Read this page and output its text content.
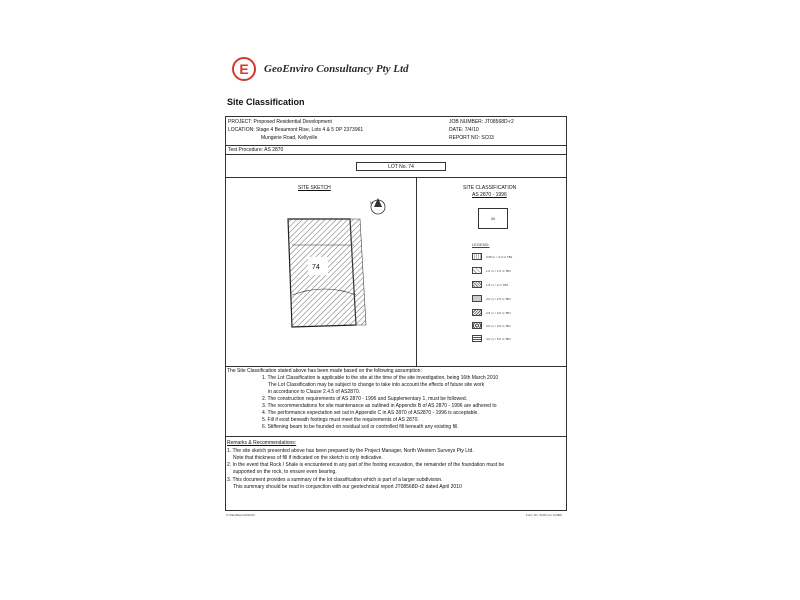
E	GeoEnviro Consultancy Pty Ltd
Site Classification
PROJECT: Proposed Residential Development
LOCATION: Stage 4 Beaumont Rise, Lots 4 & 5 DP 2373961
Mungerie Road, Kellyville
JOB NUMBER: JT08568D-r2
DATE: 7/4/10
REPORT NO: SC03
Test Procedure: AS 2870
LOT No. 74
SITE SKETCH
74
N
SITE CLASSIFICATION
AS 2870 - 1996
M
LEGEND:
0.05 m < 0.2 m TBJ
1.0 m < 1.5 m TBJ
1.5 m < 2 m TBJ
2.0 m < 2.5 m TBJ
2.5 m < 3.0 m TBJ
3.0 m < 3.5 m TBJ
4.0 m < 5.0 m TBJ
The Site Classification stated above has been made based on the following assumption:
1. The Lot Classification is applicable to the site at the time of the site investigation, being 16th March 2010
The Lot Classification may be subject to change to take into account the effects of future site work
in accordance to Clause 2.4.5 of AS2870.
2. The construction requirements of AS 2870 - 1996 and Supplementary 1, must be followed.
3. The recommendations for site maintenance as outlined in Appendix B of AS 2870 - 1996 are adhered to
4. The performance expectation set out in Appendix C in AS 2870 of AS2870 - 1996 is acceptable.
5. Fill if exist beneath footings must meet the requirements of AS 2870.
6. Stiffening beam to be founded on residual soil or controlled fill beneath any existing fill.
Remarks & Recommendations:
1. The site sketch presented above has been prepared by the Project Manager, North Western Surveys Pty Ltd.
Note that thickness of fill if indicated on the sketch is only indicative.
2. In the event that Rock / Shale is encountered in any part of the footing excavation, the remainder of the foundation must be
supported on the rock, to ensure even bearing.
3. This document provides a summary of the lot classification which is part of a larger subdivision.
This summary should be read in conjunction with our geotechnical report JT08568D-r2 dated April 2010
C:\Site\Reports\SC03	Form No. SC03 rev 1/2009
